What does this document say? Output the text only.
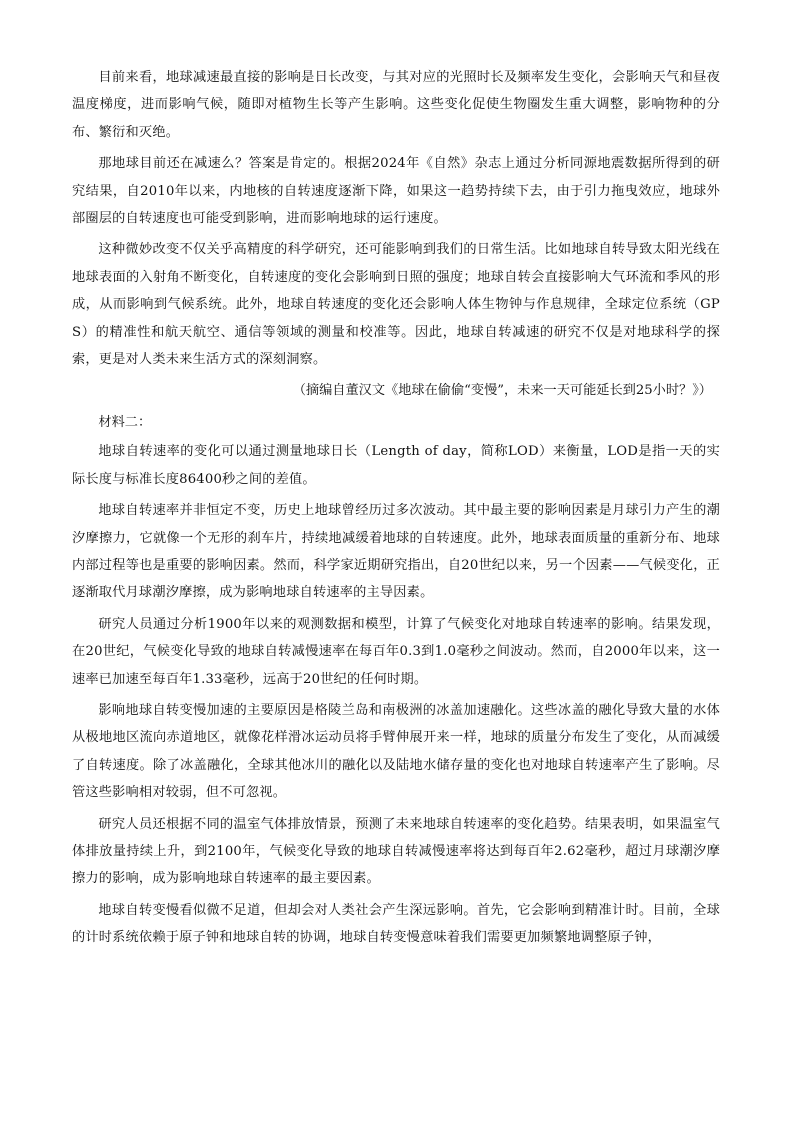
目前来看，地球减速最直接的影响是日长改变，与其对应的光照时长及频率发生变化，会影响天气和昼夜温度梯度，进而影响气候，随即对植物生长等产生影响。这些变化促使生物圈发生重大调整，影响物种的分布、繁衍和灭绝。

那地球目前还在减速么？答案是肯定的。根据2024年《自然》杂志上通过分析同源地震数据所得到的研究结果，自2010年以来，内地核的自转速度逐渐下降，如果这一趋势持续下去，由于引力拖曳效应，地球外部圈层的自转速度也可能受到影响，进而影响地球的运行速度。

这种微妙改变不仅关乎高精度的科学研究，还可能影响到我们的日常生活。比如地球自转导致太阳光线在地球表面的入射角不断变化，自转速度的变化会影响到日照的强度；地球自转会直接影响大气环流和季风的形成，从而影响到气候系统。此外，地球自转速度的变化还会影响人体生物钟与作息规律，全球定位系统（GPS）的精准性和航天航空、通信等领域的测量和校准等。因此，地球自转减速的研究不仅是对地球科学的探索，更是对人类未来生活方式的深刻洞察。

（摘编自董汉文《地球在偷偷“变慢”，未来一天可能延长到25小时？》）

材料二：

地球自转速率的变化可以通过测量地球日长（Length of day，简称LOD）来衡量，LOD是指一天的实际长度与标准长度86400秒之间的差值。

地球自转速率并非恒定不变，历史上地球曾经历过多次波动。其中最主要的影响因素是月球引力产生的潮汐摩擦力，它就像一个无形的刹车片，持续地减缓着地球的自转速度。此外，地球表面质量的重新分布、地球内部过程等也是重要的影响因素。然而，科学家近期研究指出，自20世纪以来，另一个因素——气候变化，正逐渐取代月球潮汐摩擦，成为影响地球自转速率的主导因素。

研究人员通过分析1900年以来的观测数据和模型，计算了气候变化对地球自转速率的影响。结果发现，在20世纪，气候变化导致的地球自转减慢速率在每百年0.3到1.0毫秒之间波动。然而，自2000年以来，这一速率已加速至每百年1.33毫秒，远高于20世纪的任何时期。

影响地球自转变慢加速的主要原因是格陵兰岛和南极洲的冰盖加速融化。这些冰盖的融化导致大量的水体从极地地区流向赤道地区，就像花样滑冰运动员将手臂伸展开来一样，地球的质量分布发生了变化，从而减缓了自转速度。除了冰盖融化，全球其他冰川的融化以及陆地水储存量的变化也对地球自转速率产生了影响。尽管这些影响相对较弱，但不可忽视。

研究人员还根据不同的温室气体排放情景，预测了未来地球自转速率的变化趋势。结果表明，如果温室气体排放量持续上升，到2100年，气候变化导致的地球自转减慢速率将达到每百年2.62毫秒，超过月球潮汐摩擦力的影响，成为影响地球自转速率的最主要因素。

地球自转变慢看似微不足道，但却会对人类社会产生深远影响。首先，它会影响到精准计时。目前，全球的计时系统依赖于原子钟和地球自转的协调，地球自转变慢意味着我们需要更加频繁地调整原子钟，
